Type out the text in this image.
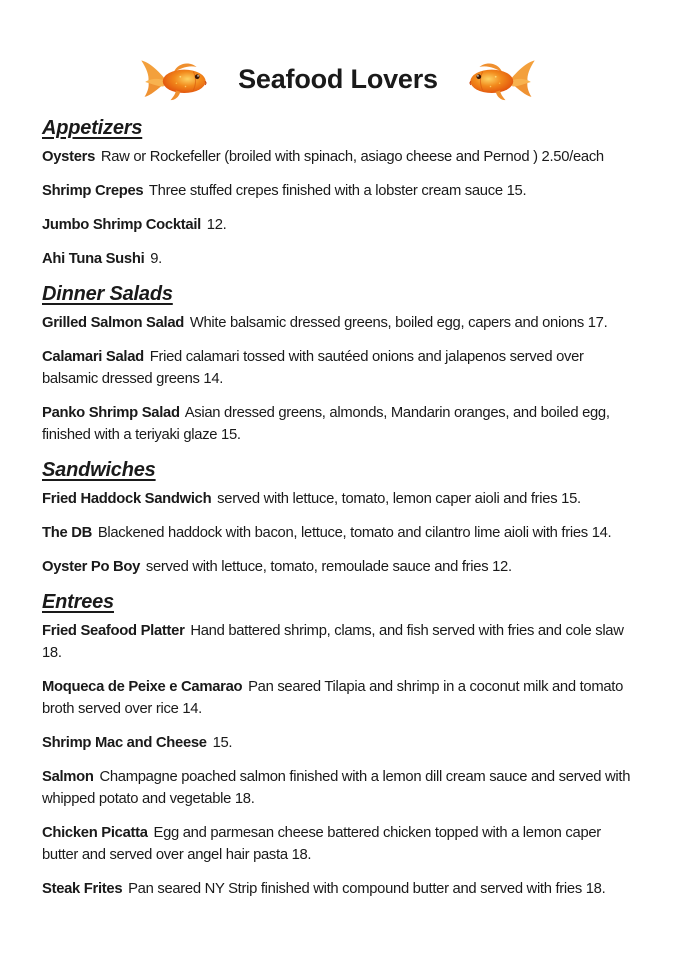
Seafood Lovers
Appetizers

Oysters Raw or Rockefeller (broiled with spinach, asiago cheese and Pernod ) 2.50/each

Shrimp Crepes Three stuffed crepes finished with a lobster cream sauce 15.

Jumbo Shrimp Cocktail 12.

Ahi Tuna Sushi 9.

Dinner Salads

Grilled Salmon Salad White balsamic dressed greens, boiled egg, capers and onions 17.

Calamari Salad Fried calamari tossed with sautéed onions and jalapenos served over balsamic dressed greens 14.

Panko Shrimp Salad Asian dressed greens, almonds, Mandarin oranges, and boiled egg, finished with a teriyaki glaze 15.

Sandwiches

Fried Haddock Sandwich served with lettuce, tomato, lemon caper aioli and fries 15.

The DB Blackened haddock with bacon, lettuce, tomato and cilantro lime aioli with fries 14.

Oyster Po Boy served with lettuce, tomato, remoulade sauce and fries 12.

Entrees

Fried Seafood Platter Hand battered shrimp, clams, and fish served with fries and cole slaw 18.

Moqueca de Peixe e Camarao Pan seared Tilapia and shrimp in a coconut milk and tomato broth served over rice 14.

Shrimp Mac and Cheese 15.

Salmon Champagne poached salmon finished with a lemon dill cream sauce and served with whipped potato and vegetable 18.

Chicken Picatta Egg and parmesan cheese battered chicken topped with a lemon caper butter and served over angel hair pasta 18.

Steak Frites Pan seared NY Strip finished with compound butter and served with fries 18.
